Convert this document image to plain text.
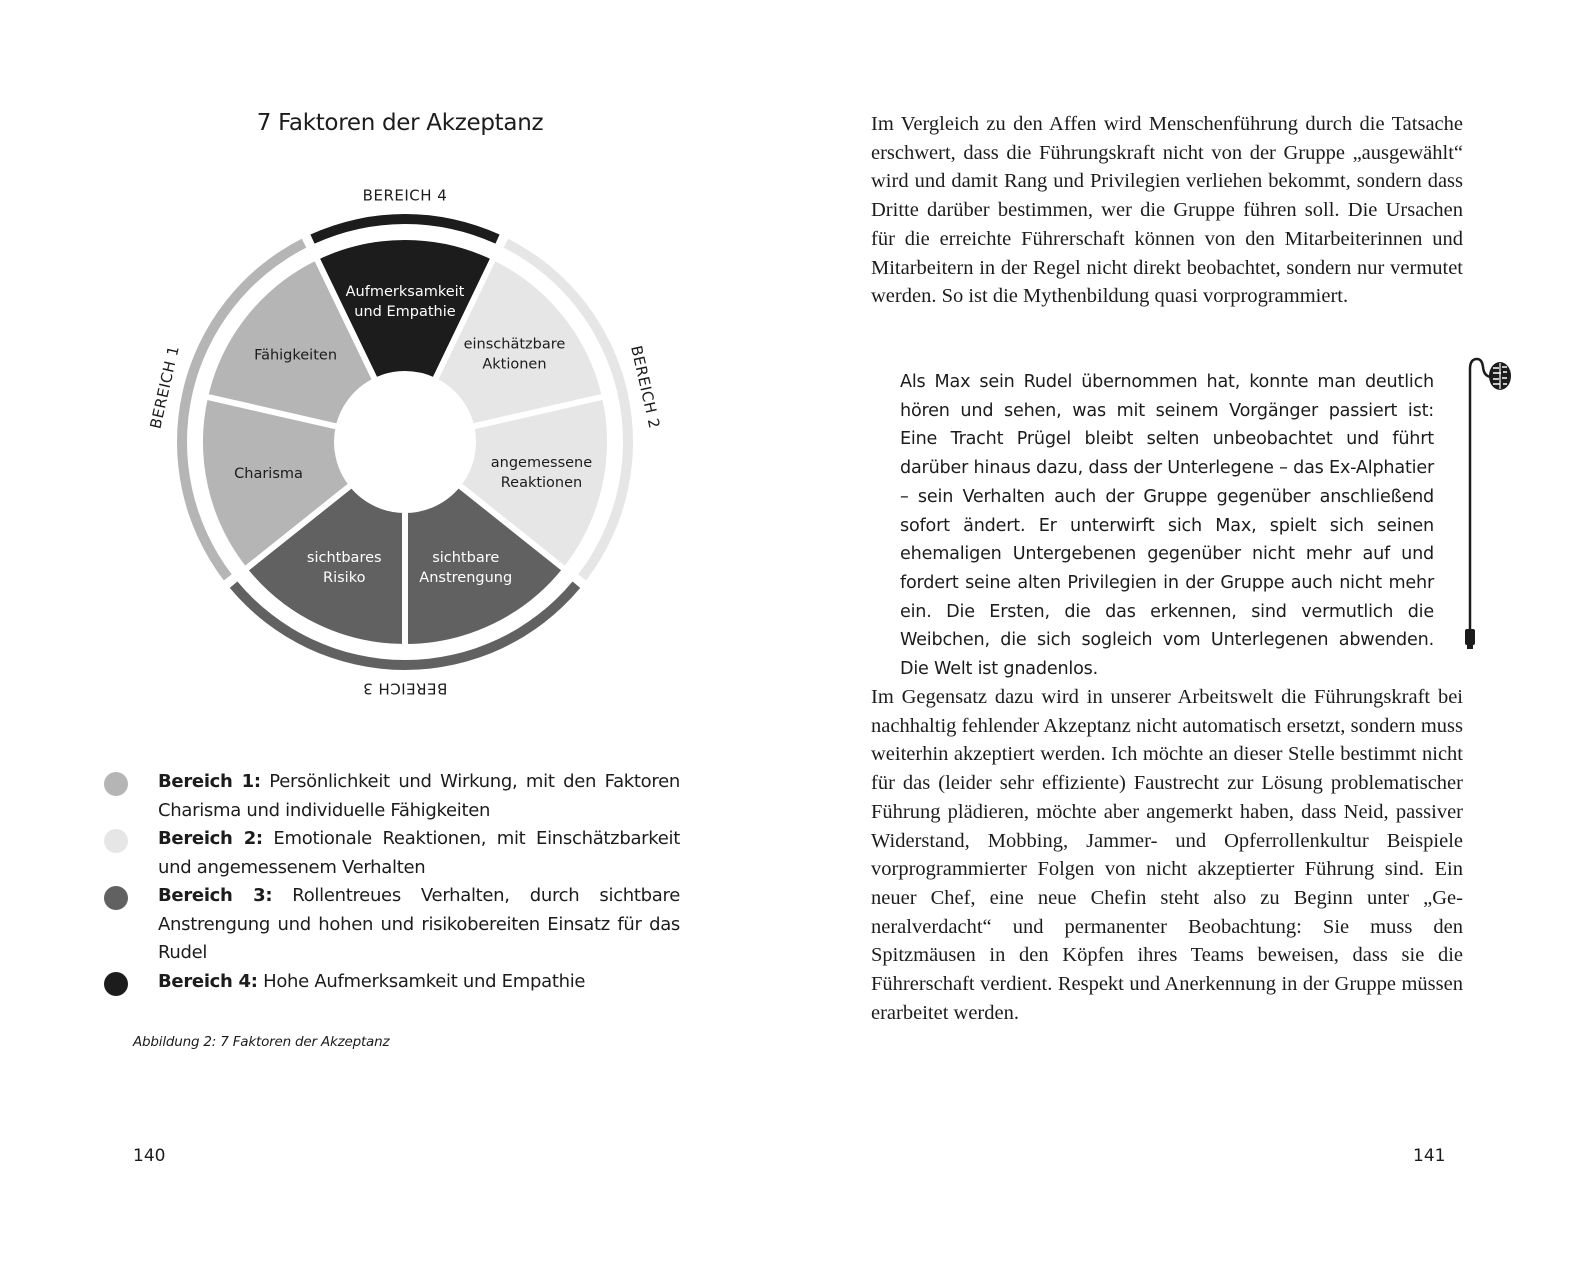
7 Faktoren der Akzeptanz
Aufmerksamkeit und Empathie
einschätzbare Aktionen
angemessene Reaktionen
sichtbare Anstrengung
sichtbares Risiko
Charisma
Fähigkeiten
BEREICH 1	BEREICH 2
BEREICH 3
BEREICH 4
Bereich 1: Persönlichkeit und Wirkung, mit den Faktoren Charisma und individuelle Fähigkeiten
Bereich 2: Emotionale Reaktionen, mit Einschätzbarkeit und angemessenem Verhalten
Bereich 3: Rollentreues Verhalten, durch sichtbare Anstrengung und hohen und risikobereiten Einsatz für das Rudel
Bereich 4: Hohe Aufmerksamkeit und Empathie
Abbildung 2: 7 Faktoren der Akzeptanz
140
Im Vergleich zu den Affen wird Menschenführung durch die Tatsache erschwert, dass die Führungskraft nicht von der Gruppe „ausgewählt“ wird und damit Rang und Privilegien verliehen bekommt, sondern dass Dritte darüber bestimmen, wer die Gruppe führen soll. Die Ursachen für die erreichte Führerschaft können von den Mitarbeiterinnen und Mitarbeitern in der Regel nicht direkt beobachtet, sondern nur vermutet werden. So ist die Mythenbildung quasi vorprogrammiert.
Als Max sein Rudel übernommen hat, konnte man deutlich hören und sehen, was mit seinem Vorgänger passiert ist: Eine Tracht Prügel bleibt selten unbeobachtet und führt darüber hinaus dazu, dass der Unterlegene – das Ex-Alphatier – sein Verhalten auch der Gruppe gegenüber anschließend sofort ändert. Er unterwirft sich Max, spielt sich seinen ehemaligen Untergebenen gegenüber nicht mehr auf und fordert seine alten Privilegien in der Gruppe auch nicht mehr ein. Die Ersten, die das erkennen, sind vermutlich die Weibchen, die sich sogleich vom Unterlegenen abwenden. Die Welt ist gnadenlos.
Im Gegensatz dazu wird in unserer Arbeitswelt die Führungskraft bei nachhaltig fehlender Akzeptanz nicht automatisch ersetzt, sondern muss weiterhin akzeptiert werden. Ich möchte an dieser Stelle bestimmt nicht für das (leider sehr effiziente) Faustrecht zur Lösung problematischer Führung plädieren, möchte aber angemerkt haben, dass Neid, passiver Widerstand, Mobbing, Jammer- und Opferrollenkultur Beispiele vorprogrammierter Folgen von nicht akzeptierter Führung sind. Ein neuer Chef, eine neue Chefin steht also zu Beginn unter „Generalverdacht“ und permanenter Beobachtung: Sie muss den Spitzmäusen in den Köpfen ihres Teams beweisen, dass sie die Führerschaft verdient. Respekt und Anerkennung in der Gruppe müssen erarbeitet werden.
141
